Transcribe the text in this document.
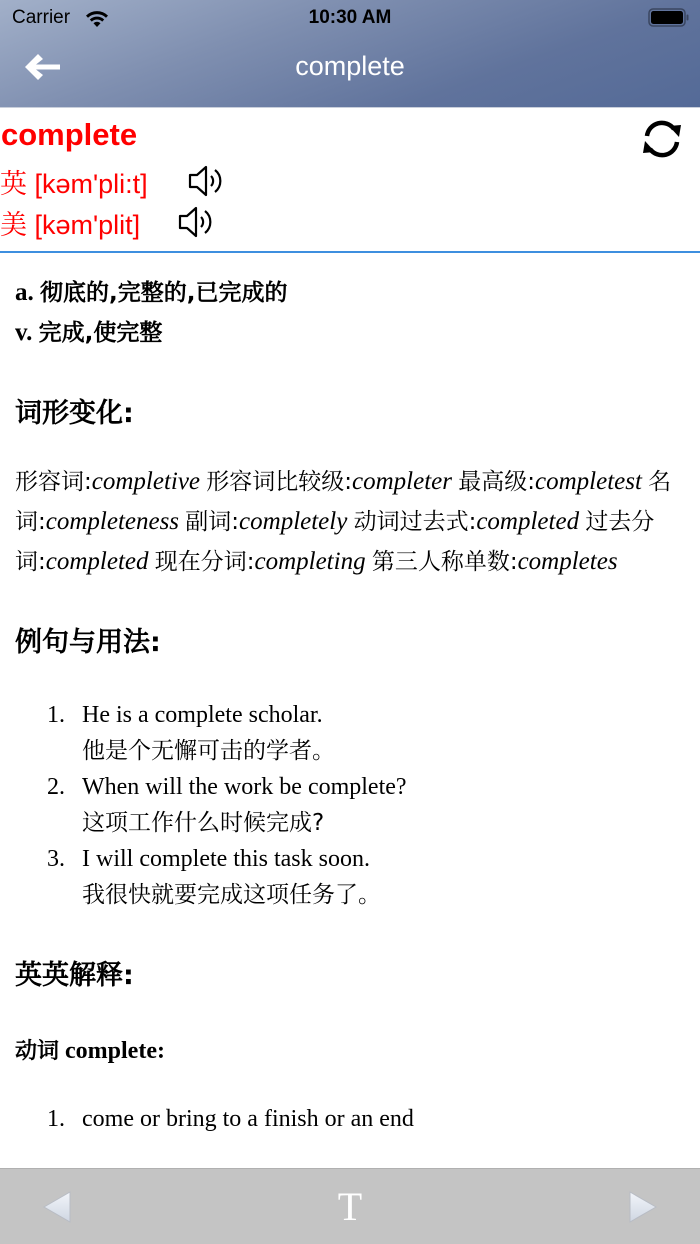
Carrier	10:30 AM
complete
complete
英 [kəm'pli:t]
美 [kəm'plit]
a. 彻底的,完整的,已完成的
v. 完成,使完整
词形变化:
形容词:completive 形容词比较级:completer 最高级:completest 名词:completeness 副词:completely 动词过去式:completed 过去分词:completed 现在分词:completing 第三人称单数:completes
例句与用法:
1. He is a complete scholar.
他是个无懈可击的学者。
2. When will the work be complete?
这项工作什么时候完成?
3. I will complete this task soon.
我很快就要完成这项任务了。
英英解释:
动词 complete:
1. come or bring to a finish or an end
T
